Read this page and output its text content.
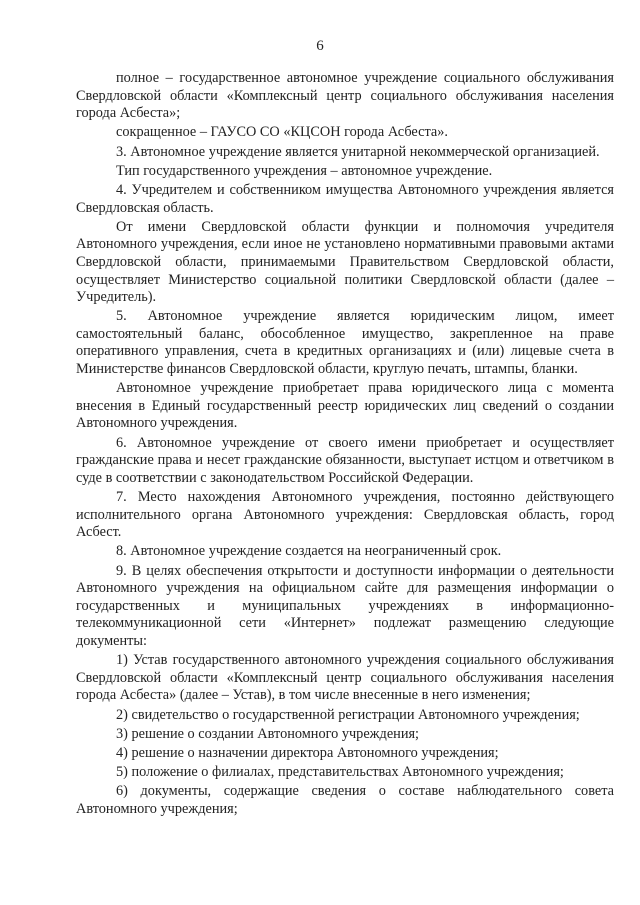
6

полное – государственное автономное учреждение социального обслуживания Свердловской области «Комплексный центр социального обслуживания населения города Асбеста»;

сокращенное – ГАУСО СО «КЦСОН города Асбеста».

3. Автономное учреждение является унитарной некоммерческой организацией.

Тип государственного учреждения – автономное учреждение.

4. Учредителем и собственником имущества Автономного учреждения является Свердловская область.

От имени Свердловской области функции и полномочия учредителя Автономного учреждения, если иное не установлено нормативными правовыми актами Свердловской области, принимаемыми Правительством Свердловской области, осуществляет Министерство социальной политики Свердловской области (далее – Учредитель).

5. Автономное учреждение является юридическим лицом, имеет самостоятельный баланс, обособленное имущество, закрепленное на праве оперативного управления, счета в кредитных организациях и (или) лицевые счета в Министерстве финансов Свердловской области, круглую печать, штампы, бланки.

Автономное учреждение приобретает права юридического лица с момента внесения в Единый государственный реестр юридических лиц сведений о создании Автономного учреждения.

6. Автономное учреждение от своего имени приобретает и осуществляет гражданские права и несет гражданские обязанности, выступает истцом и ответчиком в суде в соответствии с законодательством Российской Федерации.

7. Место нахождения Автономного учреждения, постоянно действующего исполнительного органа Автономного учреждения: Свердловская область, город Асбест.

8. Автономное учреждение создается на неограниченный срок.

9. В целях обеспечения открытости и доступности информации о деятельности Автономного учреждения на официальном сайте для размещения информации о государственных и муниципальных учреждениях в информационно-телекоммуникационной сети «Интернет» подлежат размещению следующие документы:

1) Устав государственного автономного учреждения социального обслуживания Свердловской области «Комплексный центр социального обслуживания населения города Асбеста» (далее – Устав), в том числе внесенные в него изменения;

2) свидетельство о государственной регистрации Автономного учреждения;

3) решение о создании Автономного учреждения;

4) решение о назначении директора Автономного учреждения;

5) положение о филиалах, представительствах Автономного учреждения;

6) документы, содержащие сведения о составе наблюдательного совета Автономного учреждения;
